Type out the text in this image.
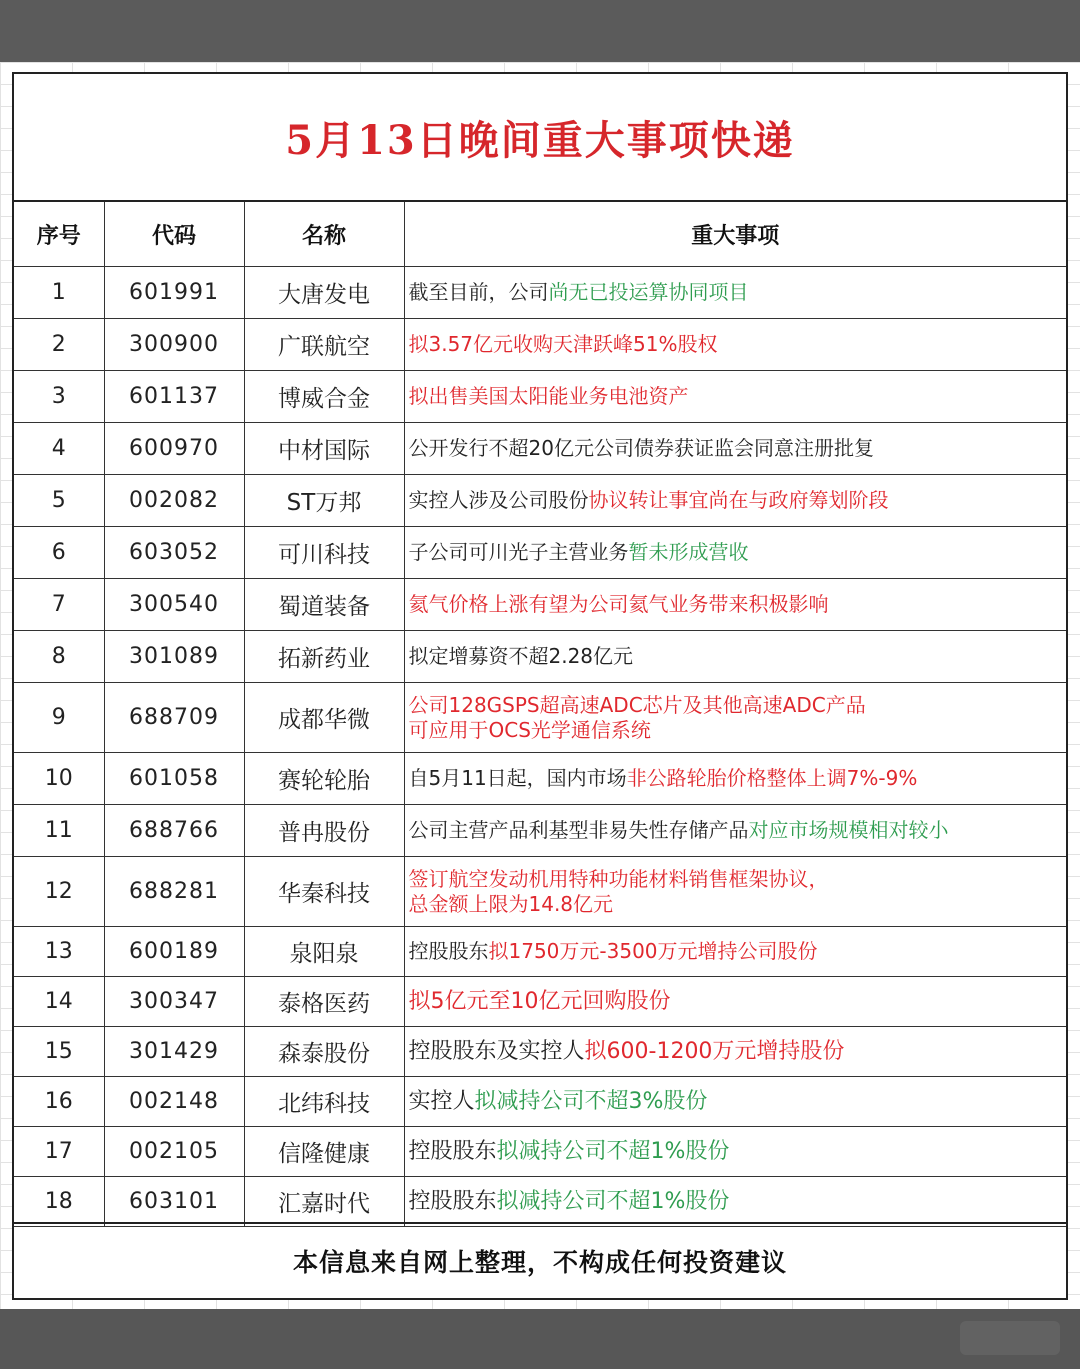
5月13日晚间重大事项快递
序号	代码	名称	重大事项
1	601991	大唐发电	截至目前，公司尚无已投运算协同项目
2	300900	广联航空	拟3.57亿元收购天津跃峰51%股权
3	601137	博威合金	拟出售美国太阳能业务电池资产
4	600970	中材国际	公开发行不超20亿元公司债券获证监会同意注册批复
5	002082	ST万邦	实控人涉及公司股份协议转让事宜尚在与政府筹划阶段
6	603052	可川科技	子公司可川光子主营业务暂未形成营收
7	300540	蜀道装备	氦气价格上涨有望为公司氦气业务带来积极影响
8	301089	拓新药业	拟定增募资不超2.28亿元
9	688709	成都华微	公司128GSPS超高速ADC芯片及其他高速ADC产品
可应用于OCS光学通信系统
10	601058	赛轮轮胎	自5月11日起，国内市场非公路轮胎价格整体上调7%-9%
11	688766	普冉股份	公司主营产品利基型非易失性存储产品对应市场规模相对较小
12	688281	华秦科技	签订航空发动机用特种功能材料销售框架协议，
总金额上限为14.8亿元
13	600189	泉阳泉	控股股东拟1750万元-3500万元增持公司股份
14	300347	泰格医药	拟5亿元至10亿元回购股份
15	301429	森泰股份	控股股东及实控人拟600-1200万元增持股份
16	002148	北纬科技	实控人拟减持公司不超3%股份
17	002105	信隆健康	控股股东拟减持公司不超1%股份
18	603101	汇嘉时代	控股股东拟减持公司不超1%股份
本信息来自网上整理，不构成任何投资建议
